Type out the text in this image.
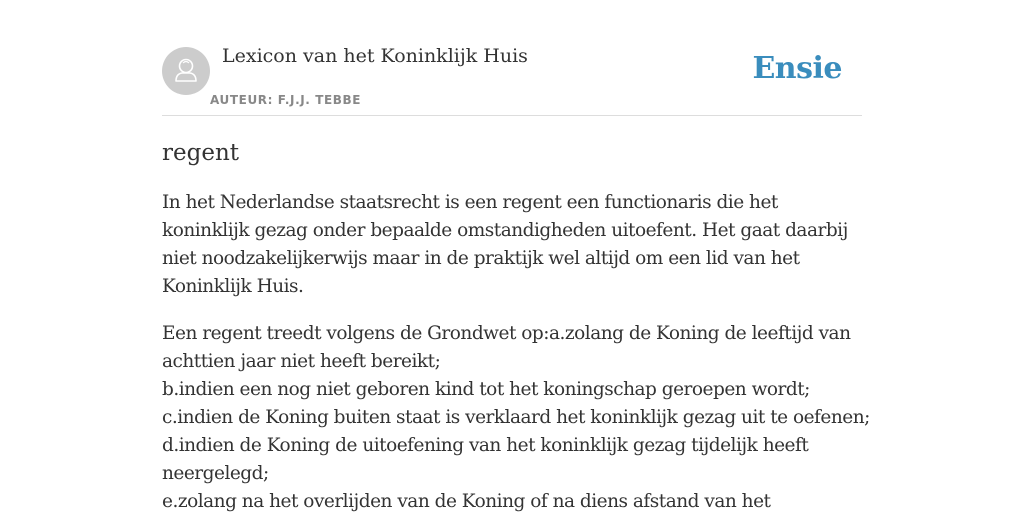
Lexicon van het Koninklijk Huis
AUTEUR: F.J.J. TEBBE
Ensie
regent

In het Nederlandse staatsrecht is een regent een functionaris die het koninklijk gezag onder bepaalde omstandigheden uitoefent. Het gaat daarbij niet noodzakelijkerwijs maar in de praktijk wel altijd om een lid van het Koninklijk Huis.

Een regent treedt volgens de Grondwet op:a.zolang de Koning de leeftijd van achttien jaar niet heeft bereikt;
b.indien een nog niet geboren kind tot het koningschap geroepen wordt;
c.indien de Koning buiten staat is verklaard het koninklijk gezag uit te oefenen;
d.indien de Koning de uitoefening van het koninklijk gezag tijdelijk heeft neergelegd;
e.zolang na het overlijden van de Koning of na diens afstand van het
